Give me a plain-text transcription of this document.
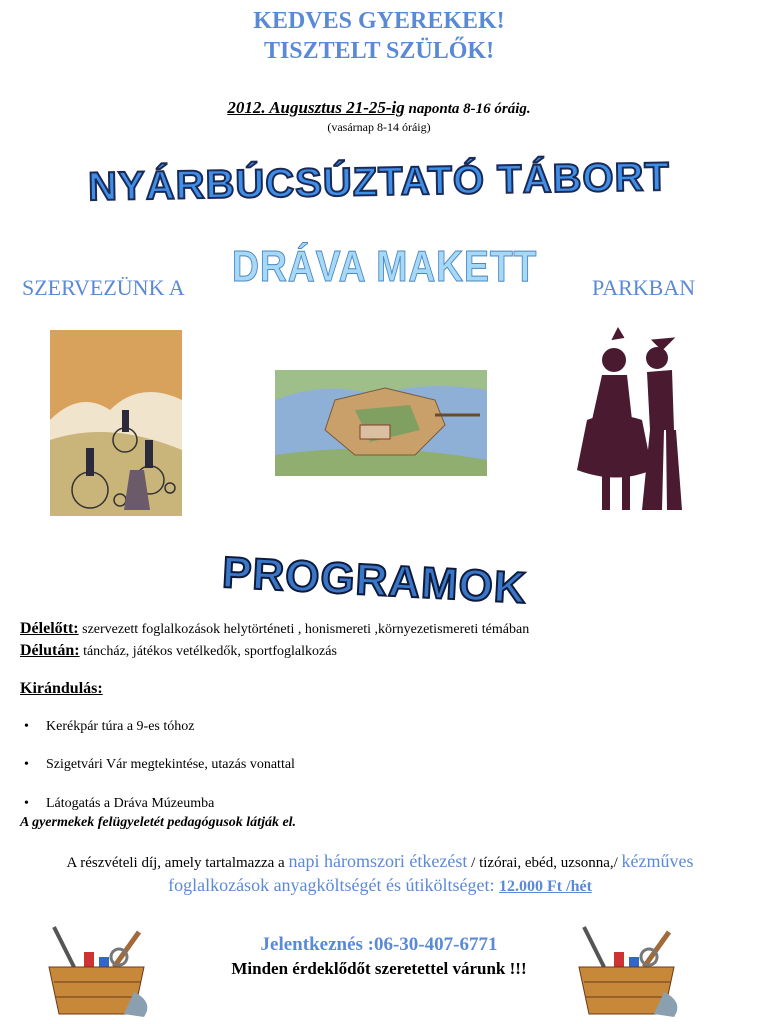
KEDVES GYEREKEK!
TISZTELT SZÜLŐK!
2012. Augusztus 21-25-ig naponta 8-16 óráig.
(vasárnap 8-14 óráig)
NYÁRBÚCSÚZTATÓ TÁBORT
SZERVEZÜNK A DRÁVA MAKETT PARKBAN
PROGRAMOK
Délelőtt: szervezett foglalkozások helytörténeti , honismereti ,környezetismereti témában
Délután: táncház, játékos vetélkedők, sportfoglalkozás
Kirándulás:
• Kerékpár túra a 9-es tóhoz
• Szigetvári Vár megtekintése, utazás vonattal
• Látogatás a Dráva Múzeumba
A gyermekek felügyeletét pedagógusok látják el.
A részvételi díj, amely tartalmazza a napi háromszori étkezést / tízórai, ebéd, uzsonna,/ kézműves foglalkozások anyagköltségét és útiköltséget: 12.000 Ft /hét
Jelentkeznés :06-30-407-6771
Minden érdeklődőt szeretettel várunk !!!
